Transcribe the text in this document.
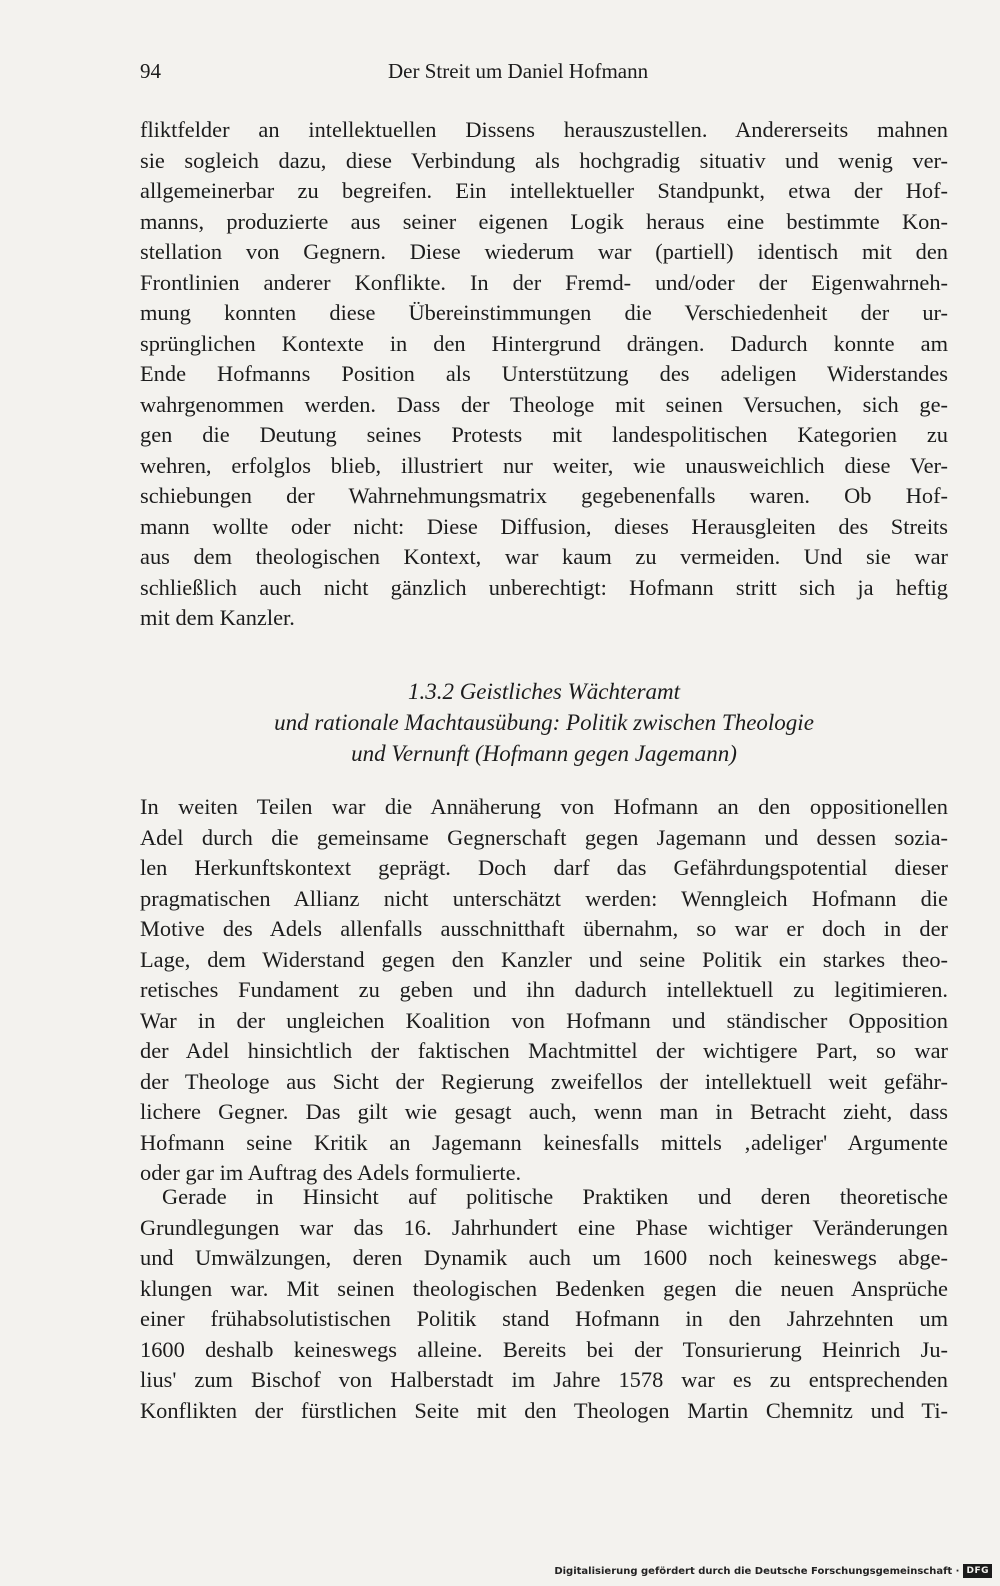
94	Der Streit um Daniel Hofmann
fliktfelder an intellektuellen Dissens herauszustellen. Andererseits mahnen
sie sogleich dazu, diese Verbindung als hochgradig situativ und wenig ver-
allgemeinerbar zu begreifen. Ein intellektueller Standpunkt, etwa der Hof-
manns, produzierte aus seiner eigenen Logik heraus eine bestimmte Kon-
stellation von Gegnern. Diese wiederum war (partiell) identisch mit den
Frontlinien anderer Konflikte. In der Fremd- und/oder der Eigenwahrneh-
mung konnten diese Übereinstimmungen die Verschiedenheit der ur-
sprünglichen Kontexte in den Hintergrund drängen. Dadurch konnte am
Ende Hofmanns Position als Unterstützung des adeligen Widerstandes
wahrgenommen werden. Dass der Theologe mit seinen Versuchen, sich ge-
gen die Deutung seines Protests mit landespolitischen Kategorien zu
wehren, erfolglos blieb, illustriert nur weiter, wie unausweichlich diese Ver-
schiebungen der Wahrnehmungsmatrix gegebenenfalls waren. Ob Hof-
mann wollte oder nicht: Diese Diffusion, dieses Herausgleiten des Streits
aus dem theologischen Kontext, war kaum zu vermeiden. Und sie war
schließlich auch nicht gänzlich unberechtigt: Hofmann stritt sich ja heftig
mit dem Kanzler.
1.3.2 Geistliches Wächteramt
und rationale Machtausübung: Politik zwischen Theologie
und Vernunft (Hofmann gegen Jagemann)
In weiten Teilen war die Annäherung von Hofmann an den oppositionellen
Adel durch die gemeinsame Gegnerschaft gegen Jagemann und dessen sozia-
len Herkunftskontext geprägt. Doch darf das Gefährdungspotential dieser
pragmatischen Allianz nicht unterschätzt werden: Wenngleich Hofmann die
Motive des Adels allenfalls ausschnitthaft übernahm, so war er doch in der
Lage, dem Widerstand gegen den Kanzler und seine Politik ein starkes theo-
retisches Fundament zu geben und ihn dadurch intellektuell zu legitimieren.
War in der ungleichen Koalition von Hofmann und ständischer Opposition
der Adel hinsichtlich der faktischen Machtmittel der wichtigere Part, so war
der Theologe aus Sicht der Regierung zweifellos der intellektuell weit gefähr-
lichere Gegner. Das gilt wie gesagt auch, wenn man in Betracht zieht, dass
Hofmann seine Kritik an Jagemann keinesfalls mittels ‚adeliger' Argumente
oder gar im Auftrag des Adels formulierte.
Gerade in Hinsicht auf politische Praktiken und deren theoretische
Grundlegungen war das 16. Jahrhundert eine Phase wichtiger Veränderungen
und Umwälzungen, deren Dynamik auch um 1600 noch keineswegs abge-
klungen war. Mit seinen theologischen Bedenken gegen die neuen Ansprüche
einer frühabsolutistischen Politik stand Hofmann in den Jahrzehnten um
1600 deshalb keineswegs alleine. Bereits bei der Tonsurierung Heinrich Ju-
lius' zum Bischof von Halberstadt im Jahre 1578 war es zu entsprechenden
Konflikten der fürstlichen Seite mit den Theologen Martin Chemnitz und Ti-
Digitalisierung gefördert durch die Deutsche Forschungsgemeinschaft · DFG
